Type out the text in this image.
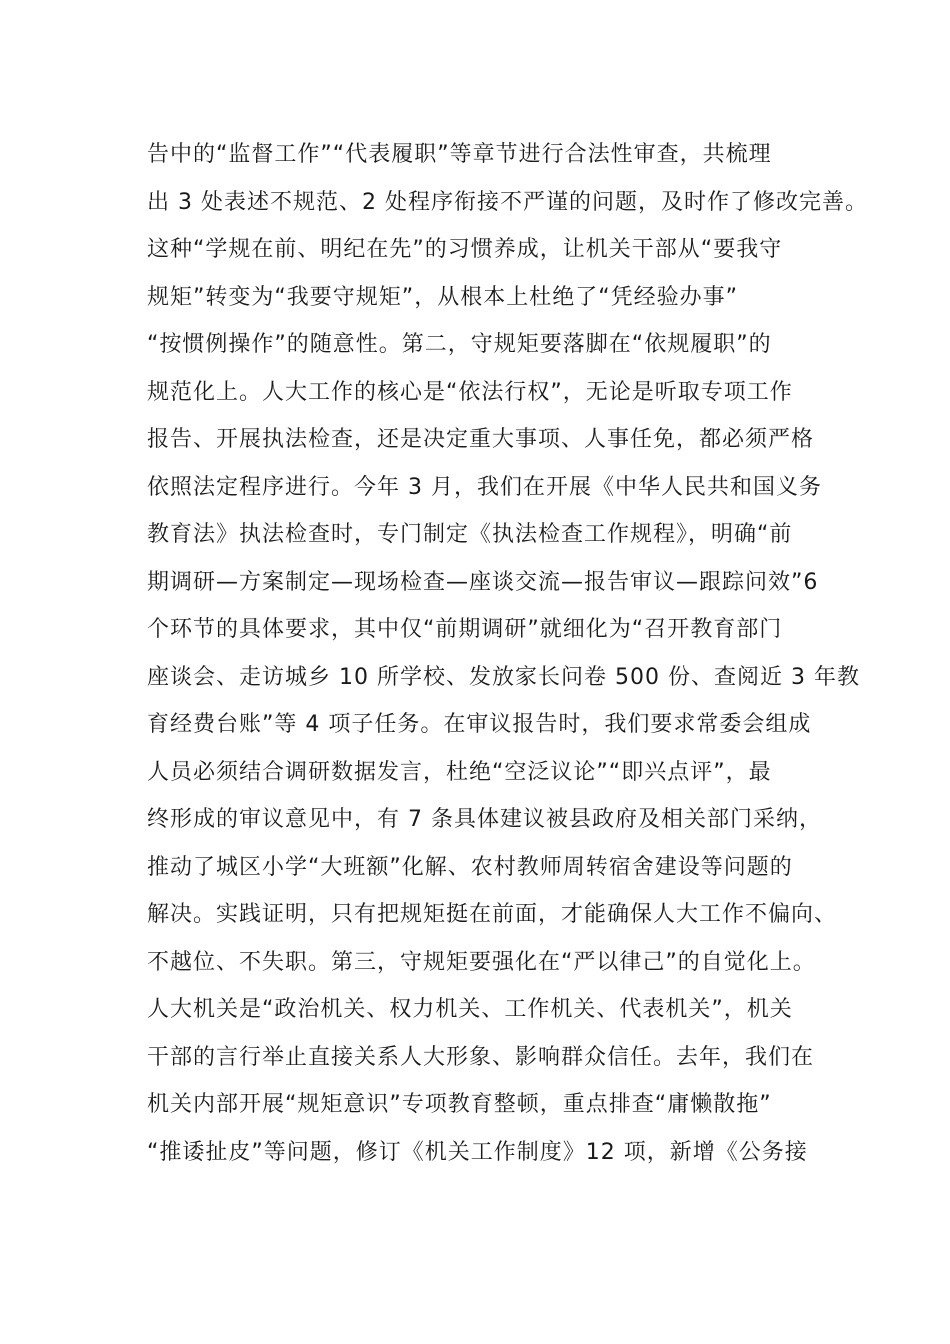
告中的“监督工作”“代表履职”等章节进行合法性审查，共梳理
出 3 处表述不规范、2 处程序衔接不严谨的问题，及时作了修改完善。
这种“学规在前、明纪在先”的习惯养成，让机关干部从“要我守
规矩”转变为“我要守规矩”，从根本上杜绝了“凭经验办事”
“按惯例操作”的随意性。第二，守规矩要落脚在“依规履职”的
规范化上。人大工作的核心是“依法行权”，无论是听取专项工作
报告、开展执法检查，还是决定重大事项、人事任免，都必须严格
依照法定程序进行。今年 3 月，我们在开展《中华人民共和国义务
教育法》执法检查时，专门制定《执法检查工作规程》，明确“前
期调研—方案制定—现场检查—座谈交流—报告审议—跟踪问效”6
个环节的具体要求，其中仅“前期调研”就细化为“召开教育部门
座谈会、走访城乡 10 所学校、发放家长问卷 500 份、查阅近 3 年教
育经费台账”等 4 项子任务。在审议报告时，我们要求常委会组成
人员必须结合调研数据发言，杜绝“空泛议论”“即兴点评”，最
终形成的审议意见中，有 7 条具体建议被县政府及相关部门采纳，
推动了城区小学“大班额”化解、农村教师周转宿舍建设等问题的
解决。实践证明，只有把规矩挺在前面，才能确保人大工作不偏向、
不越位、不失职。第三，守规矩要强化在“严以律己”的自觉化上。
人大机关是“政治机关、权力机关、工作机关、代表机关”，机关
干部的言行举止直接关系人大形象、影响群众信任。去年，我们在
机关内部开展“规矩意识”专项教育整顿，重点排查“庸懒散拖”
“推诿扯皮”等问题，修订《机关工作制度》12 项，新增《公务接
